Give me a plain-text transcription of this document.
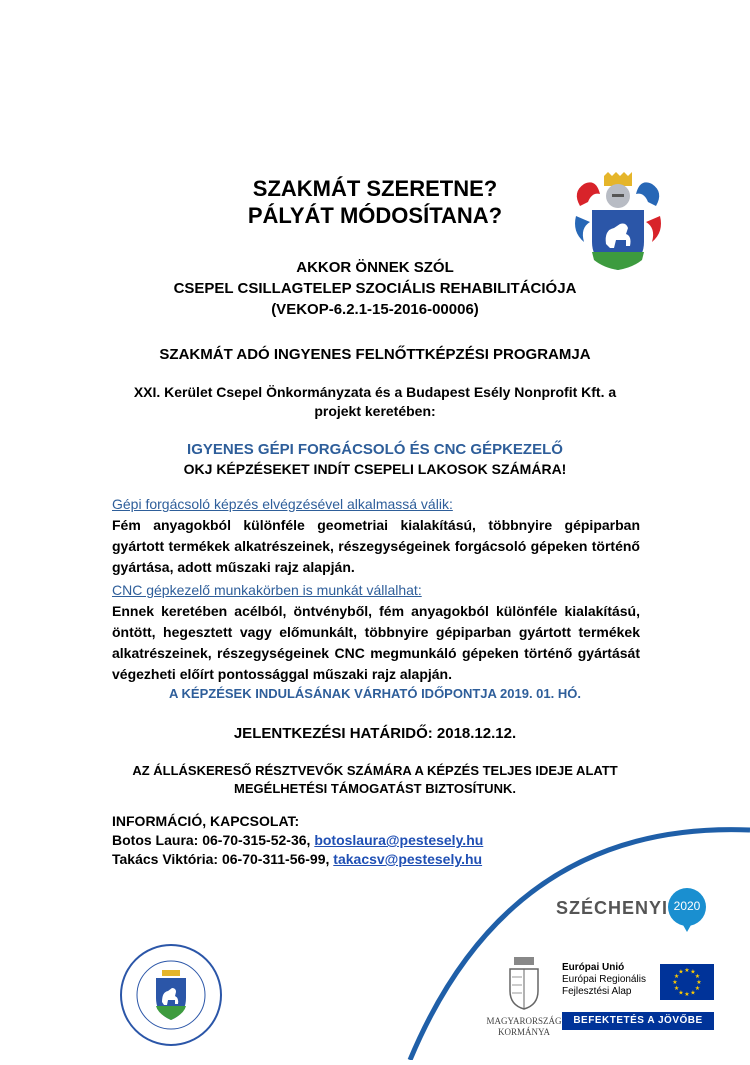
SZAKMÁT SZERETNE?
PÁLYÁT MÓDOSÍTANA?
AKKOR ÖNNEK SZÓL
CSEPEL CSILLAGTELEP SZOCIÁLIS REHABILITÁCIÓJA
(VEKOP-6.2.1-15-2016-00006)
SZAKMÁT ADÓ INGYENES FELNŐTTKÉPZÉSI PROGRAMJA
XXI. Kerület Csepel Önkormányzata és a Budapest Esély Nonprofit Kft. a
projekt keretében:
IGYENES GÉPI FORGÁCSOLÓ ÉS CNC GÉPKEZELŐ
OKJ KÉPZÉSEKET INDÍT CSEPELI LAKOSOK SZÁMÁRA!
Gépi forgácsoló képzés elvégzésével alkalmassá válik:
Fém anyagokból különféle geometriai kialakítású, többnyire gépiparban gyártott termékek alkatrészeinek, részegységeinek forgácsoló gépeken történő gyártása, adott műszaki rajz alapján.
CNC gépkezelő munkakörben is munkát vállalhat:
Ennek keretében acélból, öntvényből, fém anyagokból különféle kialakítású, öntött, hegesztett vagy előmunkált, többnyire gépiparban gyártott termékek alkatrészeinek, részegységeinek CNC megmunkáló gépeken történő gyártását végezheti előírt pontossággal műszaki rajz alapján.
A KÉPZÉSEK INDULÁSÁNAK VÁRHATÓ IDŐPONTJA 2019. 01. HÓ.
JELENTKEZÉSI HATÁRIDŐ: 2018.12.12.
AZ ÁLLÁSKERESŐ RÉSZTVEVŐK SZÁMÁRA A KÉPZÉS TELJES IDEJE ALATT
MEGÉLHETÉSI TÁMOGATÁST BIZTOSÍTUNK.
INFORMÁCIÓ, KAPCSOLAT:
Botos Laura: 06-70-315-52-36, botoslaura@pestesely.hu
Takács Viktória: 06-70-311-56-99, takacsv@pestesely.hu
SZÉCHENYI 2020
MAGYARORSZÁG
KORMÁNYA
Európai Unió
Európai Regionális
Fejlesztési Alap
★ ★
★
★
★
★
★
★
★
★
★
★
BEFEKTETÉS A JÖVŐBE
